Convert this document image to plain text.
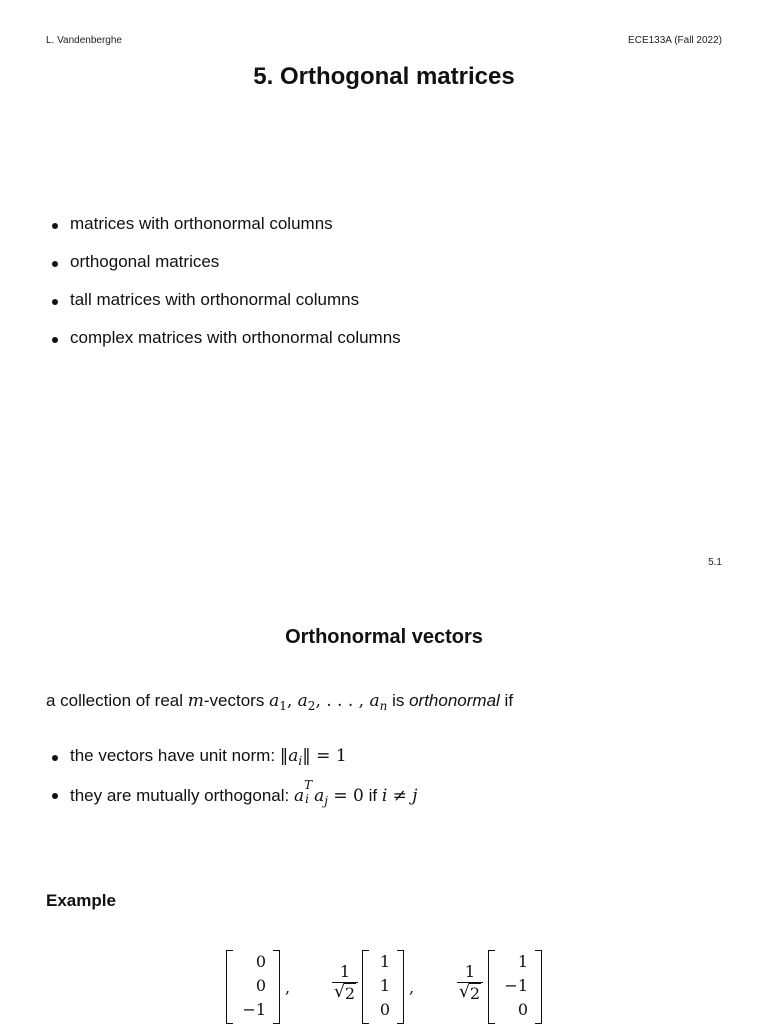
L. Vandenberghe	ECE133A (Fall 2022)
5. Orthogonal matrices
matrices with orthonormal columns
orthogonal matrices
tall matrices with orthonormal columns
complex matrices with orthonormal columns
5.1
Orthonormal vectors
a collection of real m-vectors $a_1$, $a_2$, . . . , $a_n$ is orthonormal if
the vectors have unit norm: $‖a_i‖ = 1$
they are mutually orthogonal: a
T
i $a_j = 0$ if i ≠ j
Example
0
0
−1
,
1
√ 2
1
1
0
,
1
√ 2
1
−1
0
